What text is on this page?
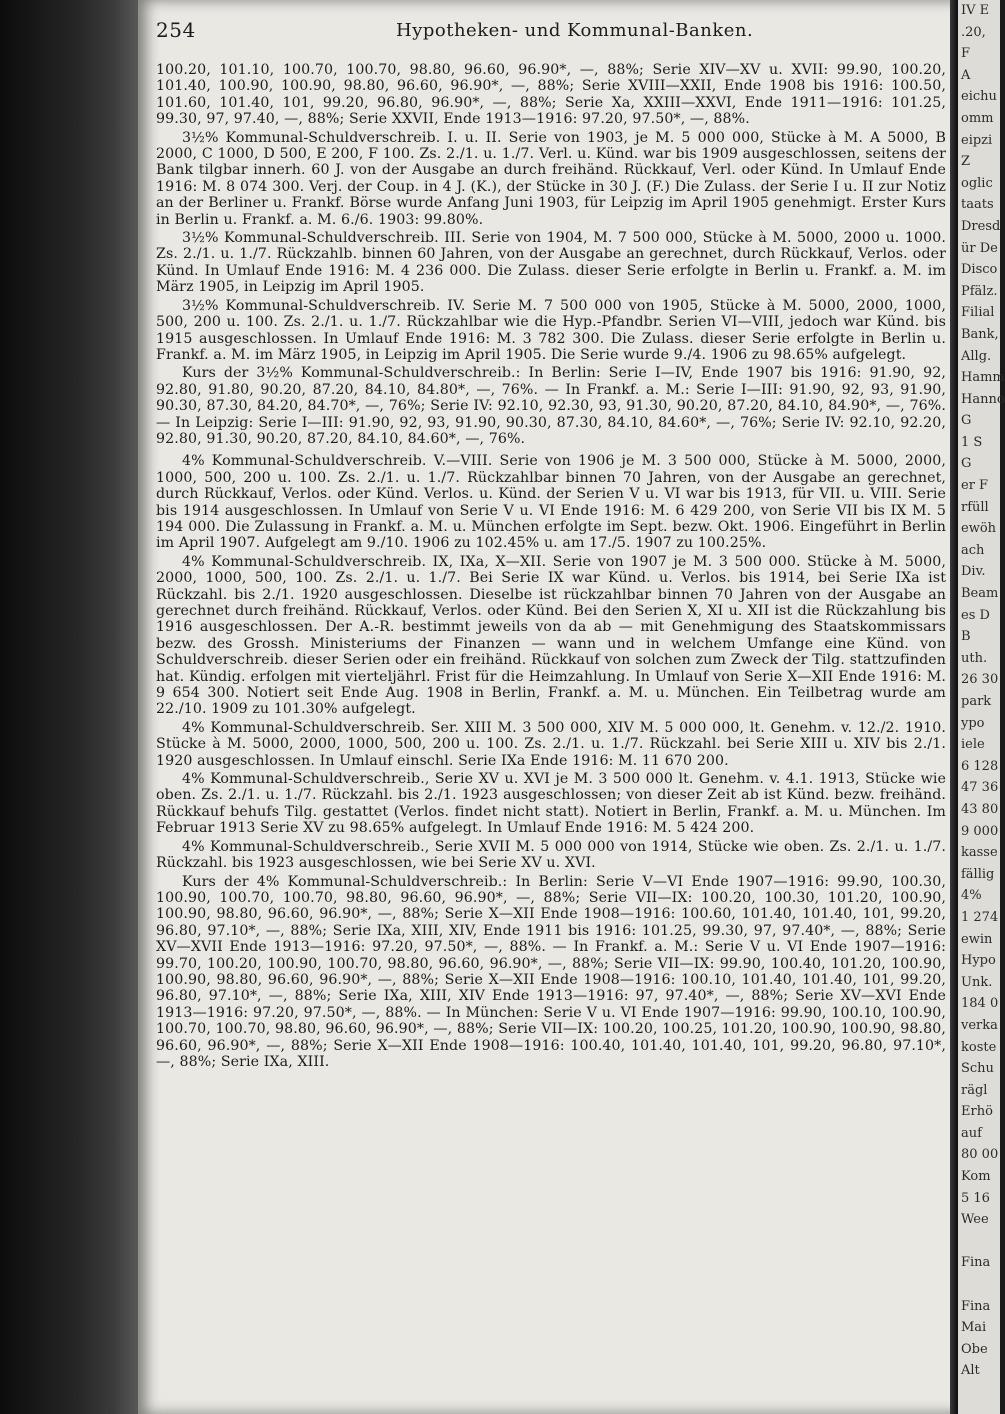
254	Hypotheken- und Kommunal-Banken.

100.20, 101.10, 100.70, 100.70, 98.80, 96.60, 96.90*, —, 88%; Serie XIV—XV u. XVII: 99.90, 100.20, 101.40, 100.90, 100.90, 98.80, 96.60, 96.90*, —, 88%; Serie XVIII—XXII, Ende 1908 bis 1916: 100.50, 101.60, 101.40, 101, 99.20, 96.80, 96.90*, —, 88%; Serie Xa, XXIII—XXVI, Ende 1911—1916: 101.25, 99.30, 97, 97.40, —, 88%; Serie XXVII, Ende 1913—1916: 97.20, 97.50*, —, 88%.

3½% Kommunal-Schuldverschreib. I. u. II. Serie von 1903, je M. 5 000 000, Stücke à M. A 5000, B 2000, C 1000, D 500, E 200, F 100. Zs. 2./1. u. 1./7. Verl. u. Künd. war bis 1909 ausgeschlossen, seitens der Bank tilgbar innerh. 60 J. von der Ausgabe an durch freihänd. Rückkauf, Verl. oder Künd. In Umlauf Ende 1916: M. 8 074 300. Verj. der Coup. in 4 J. (K.), der Stücke in 30 J. (F.) Die Zulass. der Serie I u. II zur Notiz an der Berliner u. Frankf. Börse wurde Anfang Juni 1903, für Leipzig im April 1905 genehmigt. Erster Kurs in Berlin u. Frankf. a. M. 6./6. 1903: 99.80%.

3½% Kommunal-Schuldverschreib. III. Serie von 1904, M. 7 500 000, Stücke à M. 5000, 2000 u. 1000. Zs. 2./1. u. 1./7. Rückzahlb. binnen 60 Jahren, von der Ausgabe an gerechnet, durch Rückkauf, Verlos. oder Künd. In Umlauf Ende 1916: M. 4 236 000. Die Zulass. dieser Serie erfolgte in Berlin u. Frankf. a. M. im März 1905, in Leipzig im April 1905.

3½% Kommunal-Schuldverschreib. IV. Serie M. 7 500 000 von 1905, Stücke à M. 5000, 2000, 1000, 500, 200 u. 100. Zs. 2./1. u. 1./7. Rückzahlbar wie die Hyp.-Pfandbr. Serien VI—VIII, jedoch war Künd. bis 1915 ausgeschlossen. In Umlauf Ende 1916: M. 3 782 300. Die Zulass. dieser Serie erfolgte in Berlin u. Frankf. a. M. im März 1905, in Leipzig im April 1905. Die Serie wurde 9./4. 1906 zu 98.65% aufgelegt.

Kurs der 3½% Kommunal-Schuldverschreib.: In Berlin: Serie I—IV, Ende 1907 bis 1916: 91.90, 92, 92.80, 91.80, 90.20, 87.20, 84.10, 84.80*, —, 76%. — In Frankf. a. M.: Serie I—III: 91.90, 92, 93, 91.90, 90.30, 87.30, 84.20, 84.70*, —, 76%; Serie IV: 92.10, 92.30, 93, 91.30, 90.20, 87.20, 84.10, 84.90*, —, 76%. — In Leipzig: Serie I—III: 91.90, 92, 93, 91.90, 90.30, 87.30, 84.10, 84.60*, —, 76%; Serie IV: 92.10, 92.20, 92.80, 91.30, 90.20, 87.20, 84.10, 84.60*, —, 76%.

4% Kommunal-Schuldverschreib. V.—VIII. Serie von 1906 je M. 3 500 000, Stücke à M. 5000, 2000, 1000, 500, 200 u. 100. Zs. 2./1. u. 1./7. Rückzahlbar binnen 70 Jahren, von der Ausgabe an gerechnet, durch Rückkauf, Verlos. oder Künd. Verlos. u. Künd. der Serien V u. VI war bis 1913, für VII. u. VIII. Serie bis 1914 ausgeschlossen. In Umlauf von Serie V u. VI Ende 1916: M. 6 429 200, von Serie VII bis IX M. 5 194 000. Die Zulassung in Frankf. a. M. u. München erfolgte im Sept. bezw. Okt. 1906. Eingeführt in Berlin im April 1907. Aufgelegt am 9./10. 1906 zu 102.45% u. am 17./5. 1907 zu 100.25%.

4% Kommunal-Schuldverschreib. IX, IXa, X—XII. Serie von 1907 je M. 3 500 000. Stücke à M. 5000, 2000, 1000, 500, 100. Zs. 2./1. u. 1./7. Bei Serie IX war Künd. u. Verlos. bis 1914, bei Serie IXa ist Rückzahl. bis 2./1. 1920 ausgeschlossen. Dieselbe ist rückzahlbar binnen 70 Jahren von der Ausgabe an gerechnet durch freihänd. Rückkauf, Verlos. oder Künd. Bei den Serien X, XI u. XII ist die Rückzahlung bis 1916 ausgeschlossen. Der A.-R. bestimmt jeweils von da ab — mit Genehmigung des Staatskommissars bezw. des Grossh. Ministeriums der Finanzen — wann und in welchem Umfange eine Künd. von Schuldverschreib. dieser Serien oder ein freihänd. Rückkauf von solchen zum Zweck der Tilg. stattzufinden hat. Kündig. erfolgen mit vierteljährl. Frist für die Heimzahlung. In Umlauf von Serie X—XII Ende 1916: M. 9 654 300. Notiert seit Ende Aug. 1908 in Berlin, Frankf. a. M. u. München. Ein Teilbetrag wurde am 22./10. 1909 zu 101.30% aufgelegt.

4% Kommunal-Schuldverschreib. Ser. XIII M. 3 500 000, XIV M. 5 000 000, lt. Genehm. v. 12./2. 1910. Stücke à M. 5000, 2000, 1000, 500, 200 u. 100. Zs. 2./1. u. 1./7. Rückzahl. bei Serie XIII u. XIV bis 2./1. 1920 ausgeschlossen. In Umlauf einschl. Serie IXa Ende 1916: M. 11 670 200.

4% Kommunal-Schuldverschreib., Serie XV u. XVI je M. 3 500 000 lt. Genehm. v. 4.1. 1913, Stücke wie oben. Zs. 2./1. u. 1./7. Rückzahl. bis 2./1. 1923 ausgeschlossen; von dieser Zeit ab ist Künd. bezw. freihänd. Rückkauf behufs Tilg. gestattet (Verlos. findet nicht statt). Notiert in Berlin, Frankf. a. M. u. München. Im Februar 1913 Serie XV zu 98.65% aufgelegt. In Umlauf Ende 1916: M. 5 424 200.

4% Kommunal-Schuldverschreib., Serie XVII M. 5 000 000 von 1914, Stücke wie oben. Zs. 2./1. u. 1./7. Rückzahl. bis 1923 ausgeschlossen, wie bei Serie XV u. XVI.

Kurs der 4% Kommunal-Schuldverschreib.: In Berlin: Serie V—VI Ende 1907—1916: 99.90, 100.30, 100.90, 100.70, 100.70, 98.80, 96.60, 96.90*, —, 88%; Serie VII—IX: 100.20, 100.30, 101.20, 100.90, 100.90, 98.80, 96.60, 96.90*, —, 88%; Serie X—XII Ende 1908—1916: 100.60, 101.40, 101.40, 101, 99.20, 96.80, 97.10*, —, 88%; Serie IXa, XIII, XIV, Ende 1911 bis 1916: 101.25, 99.30, 97, 97.40*, —, 88%; Serie XV—XVII Ende 1913—1916: 97.20, 97.50*, —, 88%. — In Frankf. a. M.: Serie V u. VI Ende 1907—1916: 99.70, 100.20, 100.90, 100.70, 98.80, 96.60, 96.90*, —, 88%; Serie VII—IX: 99.90, 100.40, 101.20, 100.90, 100.90, 98.80, 96.60, 96.90*, —, 88%; Serie X—XII Ende 1908—1916: 100.10, 101.40, 101.40, 101, 99.20, 96.80, 97.10*, —, 88%; Serie IXa, XIII, XIV Ende 1913—1916: 97, 97.40*, —, 88%; Serie XV—XVI Ende 1913—1916: 97.20, 97.50*, —, 88%. — In München: Serie V u. VI Ende 1907—1916: 99.90, 100.10, 100.90, 100.70, 100.70, 98.80, 96.60, 96.90*, —, 88%; Serie VII—IX: 100.20, 100.25, 101.20, 100.90, 100.90, 98.80, 96.60, 96.90*, —, 88%; Serie X—XII Ende 1908—1916: 100.40, 101.40, 101.40, 101, 99.20, 96.80, 97.10*, —, 88%; Serie IXa, XIII.

IV E
.20,
F
A
eichu
omm
eipzi
Z
oglic
taats
Dresd
ür De
Disco
Pfälz.
Filial
Bank,
Allg.
Hamm
Hanno
G
1 S
G
er F
rfüll
ewöh
ach
Div.
Beam
es D
B
uth.
26 30
park
ypo
iele
6 128
47 36
43 80
9 000
kasse
fällig
4%
1 274
ewin
Hypo
Unk.
184 0
verka
koste
Schu
rägl
Erhö
auf
80 00
Kom
5 16
Wee

Fina

Fina
Mai
Obe
Alt
